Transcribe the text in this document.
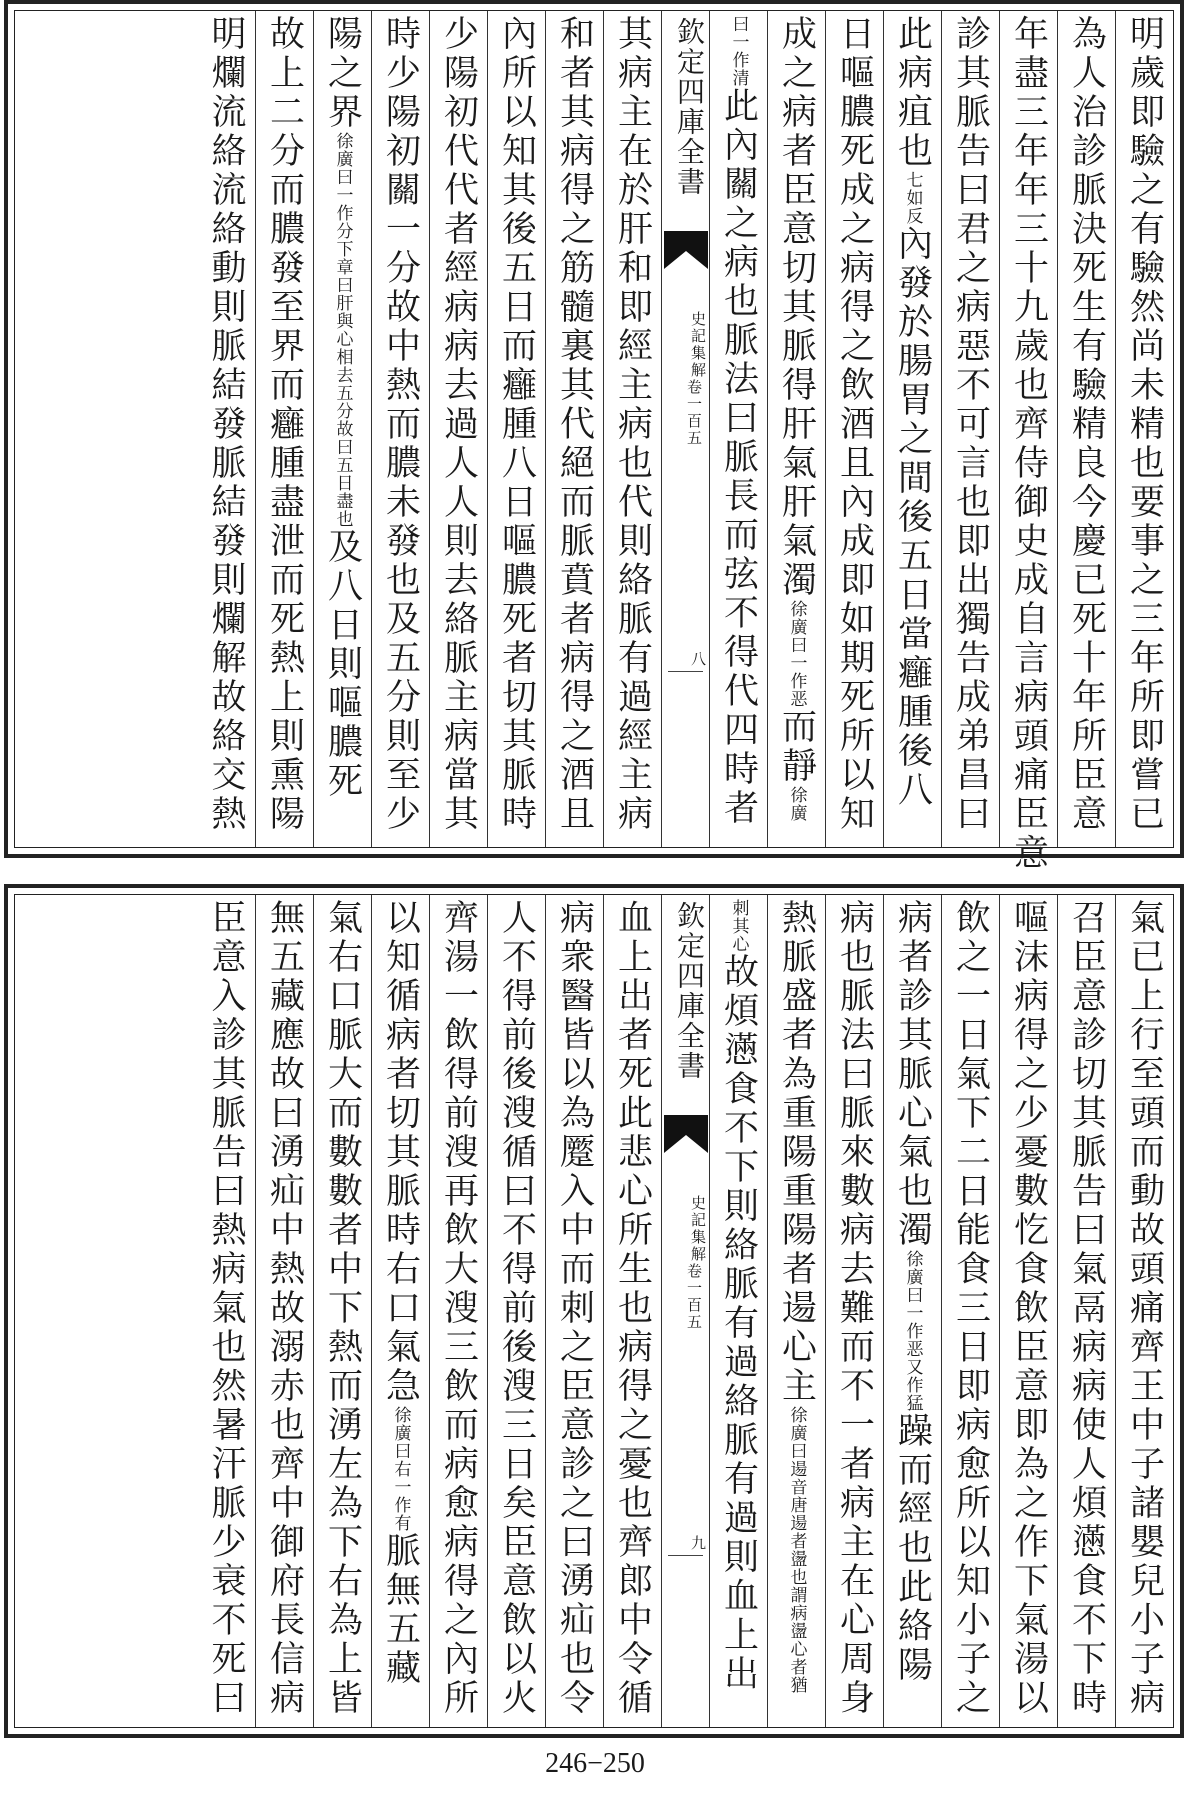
明歲即驗之有驗然尚未精也要事之三年所即嘗已
為人治診脈決死生有驗精良今慶已死十年所臣意
年盡三年年三十九歲也齊侍御史成自言病頭痛臣意
診其脈告曰君之病惡不可言也即出獨告成弟昌曰
此病疽也七如反內發於腸胃之間後五日當癰腫後八
日嘔膿死成之病得之飲酒且內成即如期死所以知
成之病者臣意切其脈得肝氣肝氣濁徐廣曰一作恶而靜徐廣
曰一作清此內關之病也脈法曰脈長而弦不得代四時者
欽定四庫全書
史記集解
卷一百五
八
其病主在於肝和即經主病也代則絡脈有過經主病
和者其病得之筋髓裏其代絕而脈賁者病得之酒且
內所以知其後五日而癰腫八日嘔膿死者切其脈時
少陽初代代者經病病去過人人則去絡脈主病當其
時少陽初關一分故中熱而膿未發也及五分則至少
陽之界徐廣曰一作分下章曰肝與心相去五分故曰五日盡也及八日則嘔膿死
故上二分而膿發至界而癰腫盡泄而死熱上則熏陽
明爛流絡流絡動則脈結發脈結發則爛解故絡交熱
氣已上行至頭而動故頭痛齊王中子諸嬰兒小子病
召臣意診切其脈告曰氣鬲病病使人煩懣食不下時
嘔沫病得之少憂數忔食飲臣意即為之作下氣湯以
飲之一日氣下二日能食三日即病愈所以知小子之
病者診其脈心氣也濁徐廣曰一作恶又作猛躁而經也此絡陽
病也脈法曰脈來數病去難而不一者病主在心周身
熱脈盛者為重陽重陽者逿心主徐廣曰逿音唐逿者盪也謂病盪心者猶
刺其心故煩懣食不下則絡脈有過絡脈有過則血上出
欽定四庫全書
史記集解
卷一百五
九
血上出者死此悲心所生也病得之憂也齊郎中令循
病衆醫皆以為蹷入中而刺之臣意診之曰湧疝也令
人不得前後溲循曰不得前後溲三日矣臣意飲以火
齊湯一飲得前溲再飲大溲三飲而病愈病得之內所
以知循病者切其脈時右口氣急徐廣曰右一作有脈無五藏
氣右口脈大而數數者中下熱而湧左為下右為上皆
無五藏應故曰湧疝中熱故溺赤也齊中御府長信病
臣意入診其脈告曰熱病氣也然暑汗脈少衰不死曰
246−250
